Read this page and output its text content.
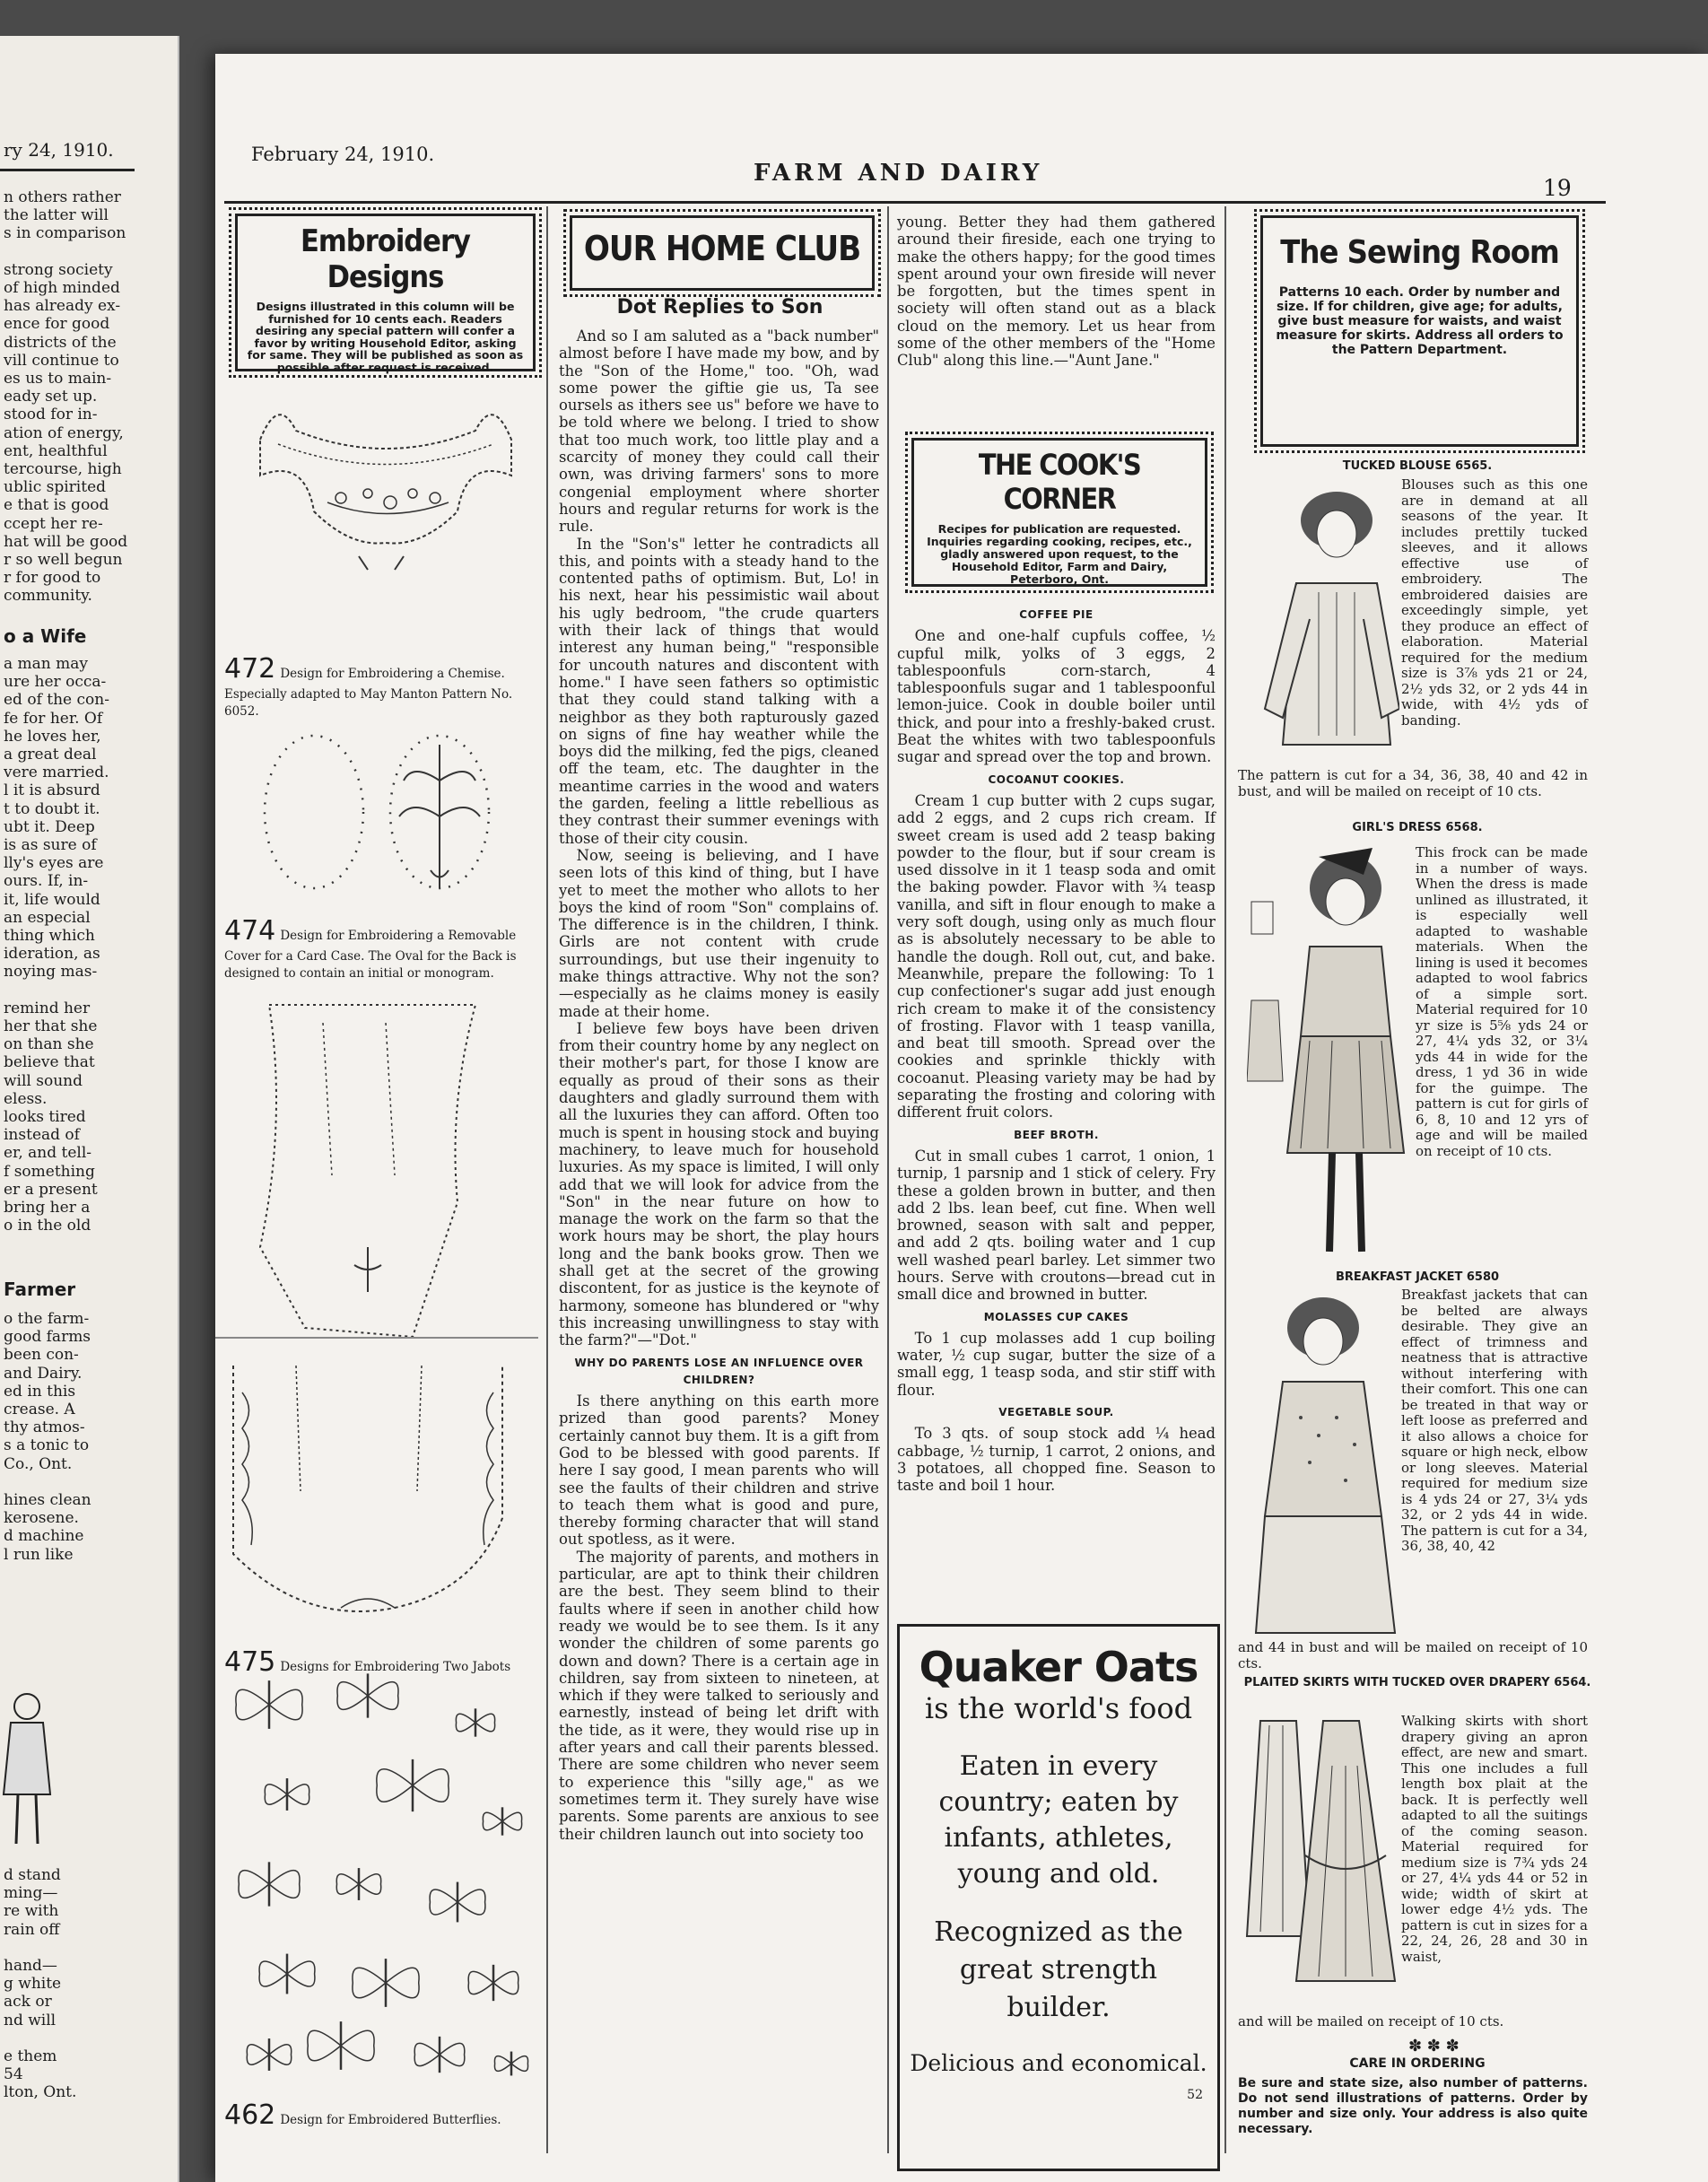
ry 24, 1910.
n others rather
the latter will
s in comparison
strong society
of high minded
has already ex-
ence for good
districts of the
vill continue to
es us to main-
eady set up.
stood for in-
ation of energy,
ent, healthful
tercourse, high
ublic spirited
e that is good
ccept her re-
hat will be good
r so well begun
r for good to
community.
o a Wife
a man may
ure her occa-
ed of the con-
fe for her. Of
he loves her,
a great deal
vere married.
l it is absurd
t to doubt it.
ubt it. Deep
is as sure of
lly's eyes are
ours. If, in-
it, life would
an especial
thing which
ideration, as
noying mas-
remind her
her that she
on than she
believe that
will sound
eless.
looks tired
instead of
er, and tell-
f something
er a present
bring her a
o in the old
Farmer
o the farm-
good farms
been con-
and Dairy.
ed in this
crease. A
thy atmos-
s a tonic to
Co., Ont.
hines clean
kerosene.
d machine
l run like
d stand
ming—
re with
rain off
hand—
g white
ack or
nd will
e them
54
lton, Ont.
February 24, 1910.
FARM AND DAIRY
19
Embroidery Designs
Designs illustrated in this column will be furnished for 10 cents each. Readers desiring any special pattern will confer a favor by writing Household Editor, asking for same. They will be published as soon as possible after request is received.
472 Design for Embroidering a Chemise. Especially adapted to May Manton Pattern No. 6052.
474 Design for Embroidering a Removable Cover for a Card Case. The Oval for the Back is designed to contain an initial or monogram.
475 Designs for Embroidering Two Jabots
462 Design for Embroidered Butterflies.
OUR HOME CLUB
Dot Replies to Son

And so I am saluted as a "back number" almost before I have made my bow, and by the "Son of the Home," too. "Oh, wad some power the giftie gie us, Ta see oursels as ithers see us" before we have to be told where we belong. I tried to show that too much work, too little play and a scarcity of money they could call their own, was driving farmers' sons to more congenial employment where shorter hours and regular returns for work is the rule.

In the "Son's" letter he contradicts all this, and points with a steady hand to the contented paths of optimism. But, Lo! in his next, hear his pessimistic wail about his ugly bedroom, "the crude quarters with their lack of things that would interest any human being," "responsible for uncouth natures and discontent with home." I have seen fathers so optimistic that they could stand talking with a neighbor as they both rapturously gazed on signs of fine hay weather while the boys did the milking, fed the pigs, cleaned off the team, etc. The daughter in the meantime carries in the wood and waters the garden, feeling a little rebellious as they contrast their summer evenings with those of their city cousin.

Now, seeing is believing, and I have seen lots of this kind of thing, but I have yet to meet the mother who allots to her boys the kind of room "Son" complains of. The difference is in the children, I think. Girls are not content with crude surroundings, but use their ingenuity to make things attractive. Why not the son?—especially as he claims money is easily made at their home.

I believe few boys have been driven from their country home by any neglect on their mother's part, for those I know are equally as proud of their sons as their daughters and gladly surround them with all the luxuries they can afford. Often too much is spent in housing stock and buying machinery, to leave much for household luxuries. As my space is limited, I will only add that we will look for advice from the "Son" in the near future on how to manage the work on the farm so that the work hours may be short, the play hours long and the bank books grow. Then we shall get at the secret of the growing discontent, for as justice is the keynote of harmony, someone has blundered or "why this increasing unwillingness to stay with the farm?"—"Dot."

WHY DO PARENTS LOSE AN INFLUENCE OVER CHILDREN?

Is there anything on this earth more prized than good parents? Money certainly cannot buy them. It is a gift from God to be blessed with good parents. If here I say good, I mean parents who will see the faults of their children and strive to teach them what is good and pure, thereby forming character that will stand out spotless, as it were.

The majority of parents, and mothers in particular, are apt to think their children are the best. They seem blind to their faults where if seen in another child how ready we would be to see them. Is it any wonder the children of some parents go down and down? There is a certain age in children, say from sixteen to nineteen, at which if they were talked to seriously and earnestly, instead of being let drift with the tide, as it were, they would rise up in after years and call their parents blessed. There are some children who never seem to experience this "silly age," as we sometimes term it. They surely have wise parents. Some parents are anxious to see their children launch out into society too

young. Better they had them gathered around their fireside, each one trying to make the others happy; for the good times spent around your own fireside will never be forgotten, but the times spent in society will often stand out as a black cloud on the memory. Let us hear from some of the other members of the "Home Club" along this line.—"Aunt Jane."

THE COOK'S CORNER
Recipes for publication are requested. Inquiries regarding cooking, recipes, etc., gladly answered upon request, to the Household Editor, Farm and Dairy, Peterboro, Ont.
COFFEE PIE

One and one-half cupfuls coffee, ½ cupful milk, yolks of 3 eggs, 2 tablespoonfuls corn-starch, 4 tablespoonfuls sugar and 1 tablespoonful lemon-juice. Cook in double boiler until thick, and pour into a freshly-baked crust. Beat the whites with two tablespoonfuls sugar and spread over the top and brown.

COCOANUT COOKIES.

Cream 1 cup butter with 2 cups sugar, add 2 eggs, and 2 cups rich cream. If sweet cream is used add 2 teasp baking powder to the flour, but if sour cream is used dissolve in it 1 teasp soda and omit the baking powder. Flavor with ¾ teasp vanilla, and sift in flour enough to make a very soft dough, using only as much flour as is absolutely necessary to be able to handle the dough. Roll out, cut, and bake. Meanwhile, prepare the following: To 1 cup confectioner's sugar add just enough rich cream to make it of the consistency of frosting. Flavor with 1 teasp vanilla, and beat till smooth. Spread over the cookies and sprinkle thickly with cocoanut. Pleasing variety may be had by separating the frosting and coloring with different fruit colors.

BEEF BROTH.

Cut in small cubes 1 carrot, 1 onion, 1 turnip, 1 parsnip and 1 stick of celery. Fry these a golden brown in butter, and then add 2 lbs. lean beef, cut fine. When well browned, season with salt and pepper, and add 2 qts. boiling water and 1 cup well washed pearl barley. Let simmer two hours. Serve with croutons—bread cut in small dice and browned in butter.

MOLASSES CUP CAKES

To 1 cup molasses add 1 cup boiling water, ½ cup sugar, butter the size of a small egg, 1 teasp soda, and stir stiff with flour.

VEGETABLE SOUP.

To 3 qts. of soup stock add ¼ head cabbage, ½ turnip, 1 carrot, 2 onions, and 3 potatoes, all chopped fine. Season to taste and boil 1 hour.

Quaker Oats
is the world's food
Eaten in every
country; eaten by
infants, athletes,
young and old.
Recognized as the
great strength
builder.
Delicious and economical.
52
The Sewing Room
Patterns 10 each. Order by number and size. If for children, give age; for adults, give bust measure for waists, and waist measure for skirts. Address all orders to the Pattern Department.
TUCKED BLOUSE 6565.
Blouses such as this one are in demand at all seasons of the year. It includes prettily tucked sleeves, and it allows effective use of embroidery. The embroidered daisies are exceedingly simple, yet they produce an effect of elaboration. Material required for the medium size is 3⅞ yds 21 or 24, 2½ yds 32, or 2 yds 44 in wide, with 4½ yds of banding.
The pattern is cut for a 34, 36, 38, 40 and 42 in bust, and will be mailed on receipt of 10 cts.
GIRL'S DRESS 6568.
This frock can be made in a number of ways. When the dress is made unlined as illustrated, it is especially well adapted to washable materials. When the lining is used it becomes adapted to wool fabrics of a simple sort. Material required for 10 yr size is 5⅝ yds 24 or 27, 4¼ yds 32, or 3¼ yds 44 in wide for the dress, 1 yd 36 in wide for the guimpe. The pattern is cut for girls of 6, 8, 10 and 12 yrs of age and will be mailed on receipt of 10 cts.
BREAKFAST JACKET 6580
Breakfast jackets that can be belted are always desirable. They give an effect of trimness and neatness that is attractive without interfering with their comfort. This one can be treated in that way or left loose as preferred and it also allows a choice for square or high neck, elbow or long sleeves. Material required for medium size is 4 yds 24 or 27, 3¼ yds 32, or 2 yds 44 in wide. The pattern is cut for a 34, 36, 38, 40, 42
and 44 in bust and will be mailed on receipt of 10 cts.
PLAITED SKIRTS WITH TUCKED OVER DRAPERY 6564.
Walking skirts with short drapery giving an apron effect, are new and smart. This one includes a full length box plait at the back. It is perfectly well adapted to all the suitings of the coming season. Material required for medium size is 7¾ yds 24 or 27, 4¼ yds 44 or 52 in wide; width of skirt at lower edge 4½ yds. The pattern is cut in sizes for a 22, 24, 26, 28 and 30 in waist,
and will be mailed on receipt of 10 cts.
✽ ✽ ✽
CARE IN ORDERING
Be sure and state size, also number of patterns. Do not send illustrations of patterns. Order by number and size only. Your address is also quite necessary.
